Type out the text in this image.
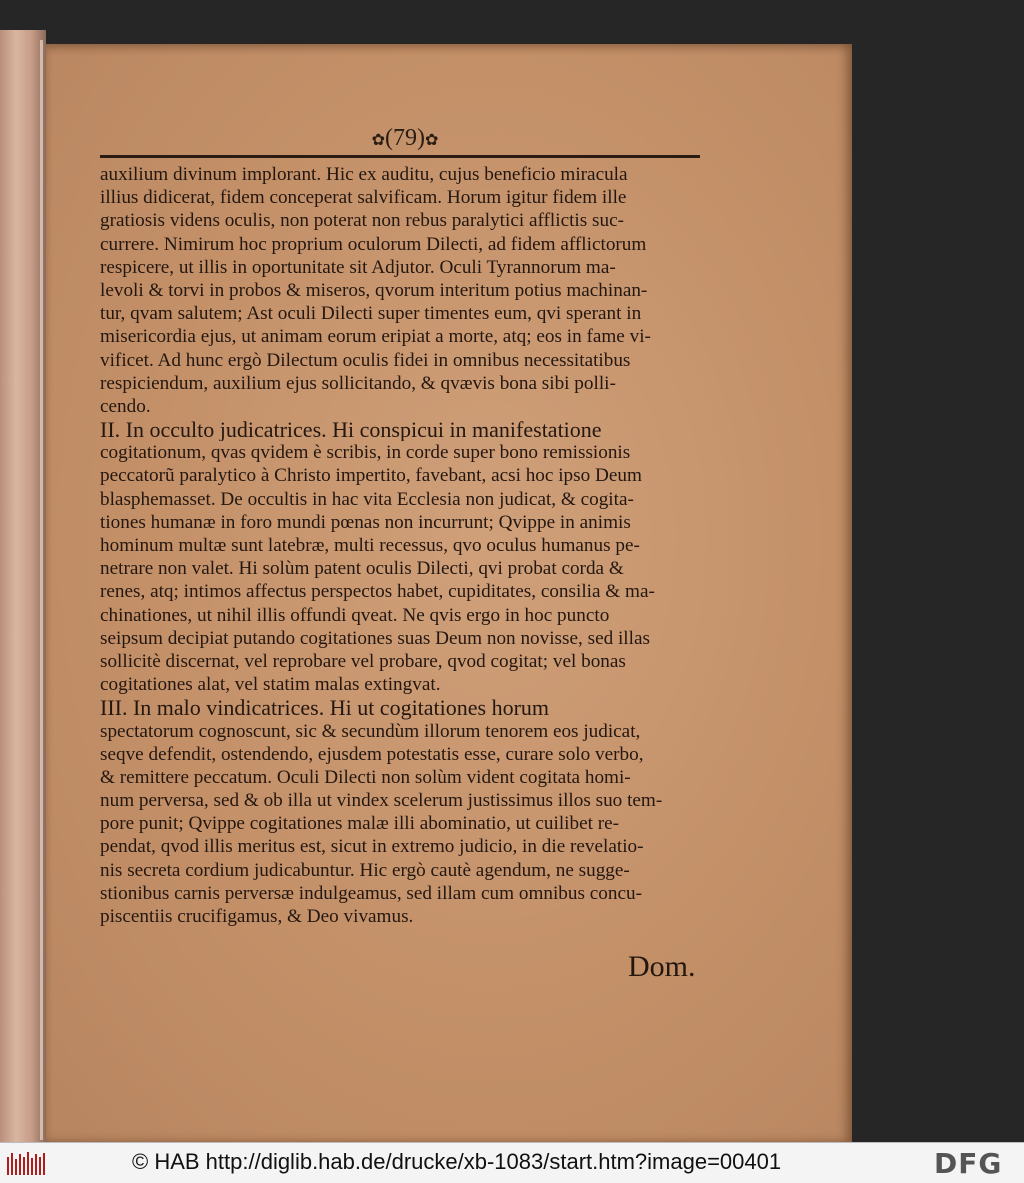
✿(79)✿
auxilium divinum implorant. Hic ex auditu, cujus beneficio miracula
illius didicerat, fidem conceperat salvificam. Horum igitur fidem ille
gratiosis videns oculis, non poterat non rebus paralytici afflictis suc-
currere. Nimirum hoc proprium oculorum Dilecti, ad fidem afflictorum
respicere, ut illis in oportunitate sit Adjutor. Oculi Tyrannorum ma-
levoli & torvi in probos & miseros, qvorum interitum potius machinan-
tur, qvam salutem; Ast oculi Dilecti super timentes eum, qvi sperant in
misericordia ejus, ut animam eorum eripiat a morte, atq; eos in fame vi-
vificet. Ad hunc ergò Dilectum oculis fidei in omnibus necessitatibus
respiciendum, auxilium ejus sollicitando, & qvævis bona sibi polli-
cendo.
II. In occulto judicatrices. Hi conspicui in manifestatione
cogitationum, qvas qvidem è scribis, in corde super bono remissionis
peccatorũ paralytico à Christo impertito, favebant, acsi hoc ipso Deum
blasphemasset. De occultis in hac vita Ecclesia non judicat, & cogita-
tiones humanæ in foro mundi pœnas non incurrunt; Qvippe in animis
hominum multæ sunt latebræ, multi recessus, qvo oculus humanus pe-
netrare non valet. Hi solùm patent oculis Dilecti, qvi probat corda &
renes, atq; intimos affectus perspectos habet, cupiditates, consilia & ma-
chinationes, ut nihil illis offundi qveat. Ne qvis ergo in hoc puncto
seipsum decipiat putando cogitationes suas Deum non novisse, sed illas
sollicitè discernat, vel reprobare vel probare, qvod cogitat; vel bonas
cogitationes alat, vel statim malas extingvat.
III. In malo vindicatrices. Hi ut cogitationes horum
spectatorum cognoscunt, sic & secundùm illorum tenorem eos judicat,
seqve defendit, ostendendo, ejusdem potestatis esse, curare solo verbo,
& remittere peccatum. Oculi Dilecti non solùm vident cogitata homi-
num perversa, sed & ob illa ut vindex scelerum justissimus illos suo tem-
pore punit; Qvippe cogitationes malæ illi abominatio, ut cuilibet re-
pendat, qvod illis meritus est, sicut in extremo judicio, in die revelatio-
nis secreta cordium judicabuntur. Hic ergò cautè agendum, ne sugge-
stionibus carnis perversæ indulgeamus, sed illam cum omnibus concu-
piscentiis crucifigamus, & Deo vivamus.
Dom.
© HAB http://diglib.hab.de/drucke/xb-1083/start.htm?image=00401	DFG
